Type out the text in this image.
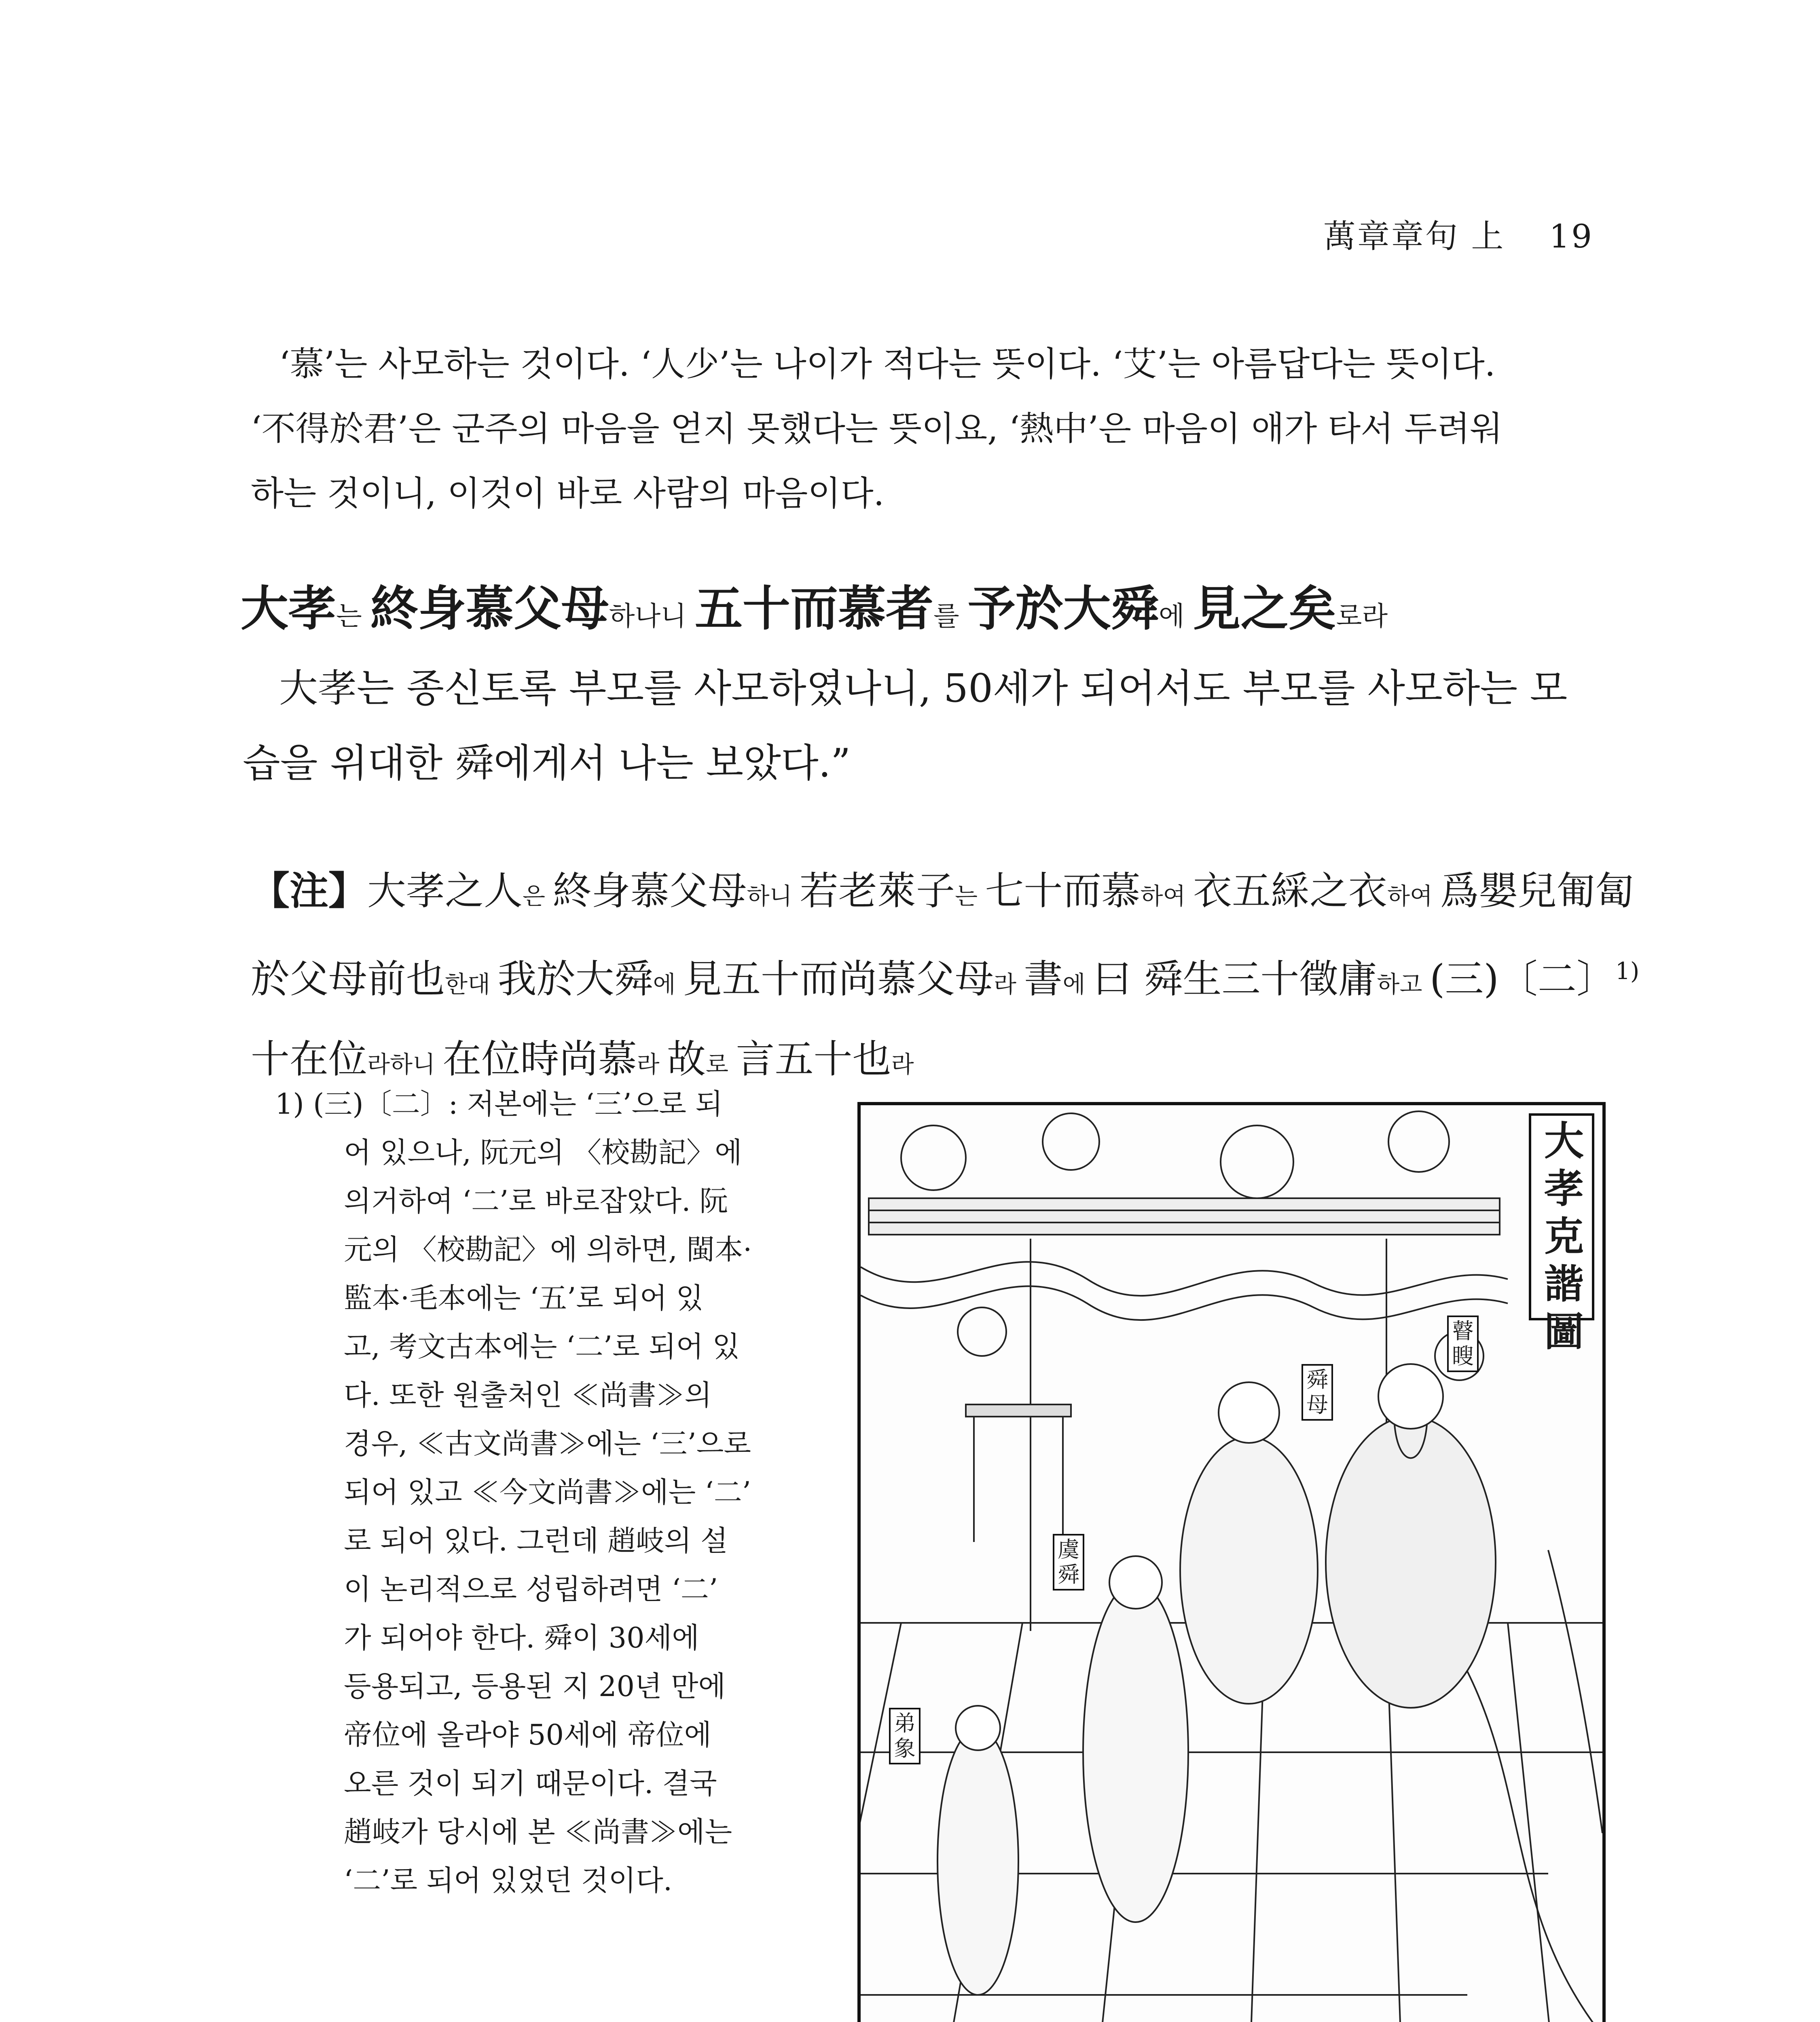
萬章章句 上 19

‘慕’는 사모하는 것이다. ‘人少’는 나이가 적다는 뜻이다. ‘艾’는 아름답다는 뜻이다.

‘不得於君’은 군주의 마음을 얻지 못했다는 뜻이요, ‘熱中’은 마음이 애가 타서 두려워

하는 것이니, 이것이 바로 사람의 마음이다.

大孝는 終身慕父母하나니 五十而慕者를 予於大舜에 見之矣로라

大孝는 종신토록 부모를 사모하였나니, 50세가 되어서도 부모를 사모하는 모

습을 위대한 舜에게서 나는 보았다.”

【注】大孝之人은 終身慕父母하니 若老萊子는 七十而慕하여 衣五綵之衣하여 爲嬰兒匍匐

於父母前也한대 我於大舜에 見五十而尚慕父母라 書에 曰 舜生三十徵庸하고 (三)〔二〕$^{1)}$

十在位라하니 在位時尚慕라 故로 言五十也라

1) (三)〔二〕: 저본에는 ‘三’으로 되

어 있으나, 阮元의 〈校勘記〉에

의거하여 ‘二’로 바로잡았다. 阮

元의 〈校勘記〉에 의하면, 閩本·

監本·毛本에는 ‘五’로 되어 있

고, 考文古本에는 ‘二’로 되어 있

다. 또한 원출처인 ≪尚書≫의

경우, ≪古文尚書≫에는 ‘三’으로

되어 있고 ≪今文尚書≫에는 ‘二’

로 되어 있다. 그런데 趙岐의 설

이 논리적으로 성립하려면 ‘二’

가 되어야 한다. 舜이 30세에

등용되고, 등용된 지 20년 만에

帝位에 올라야 50세에 帝位에

오른 것이 되기 때문이다. 결국

趙岐가 당시에 본 ≪尚書≫에는

‘二’로 되어 있었던 것이다.

大孝克諧圖
舜母
瞽瞍
虞舜
弟象
